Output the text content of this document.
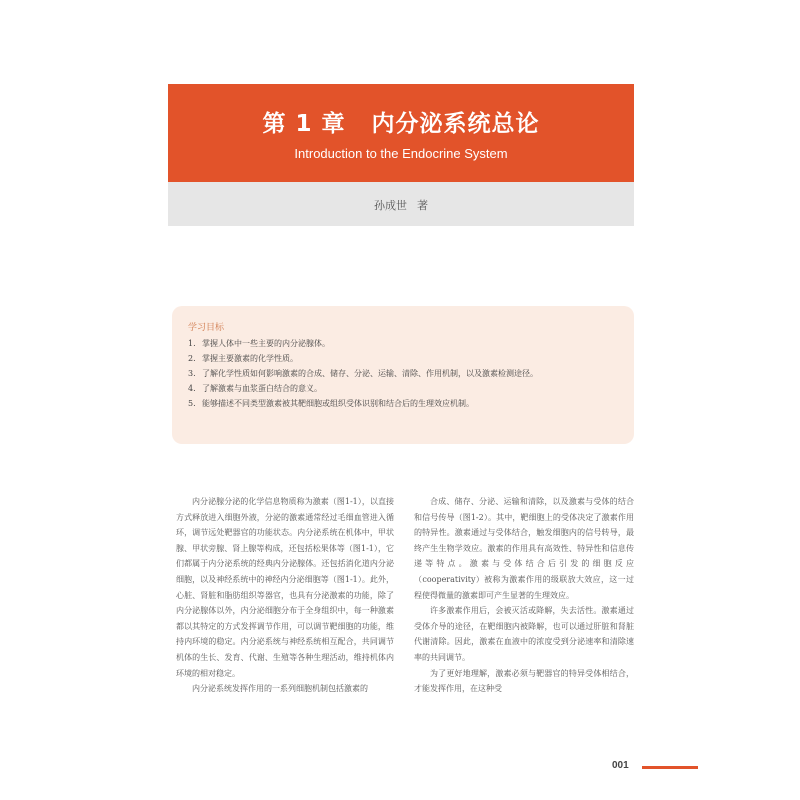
第 1 章 内分泌系统总论
Introduction to the Endocrine System
孙成世 著
学习目标
1. 掌握人体中一些主要的内分泌腺体。
2. 掌握主要激素的化学性质。
3. 了解化学性质如何影响激素的合成、储存、分泌、运输、清除、作用机制，以及激素检测途径。
4. 了解激素与血浆蛋白结合的意义。
5. 能够描述不同类型激素被其靶细胞或组织受体识别和结合后的生理效应机制。

内分泌腺分泌的化学信息物质称为激素（图1-1），以直接方式释放进入细胞外液，分泌的激素通常经过毛细血管进入循环，调节远处靶器官的功能状态。内分泌系统在机体中，甲状腺、甲状旁腺、肾上腺等构成，还包括松果体等（图1-1），它们都属于内分泌系统的经典内分泌腺体。还包括消化道内分泌细胞，以及神经系统中的神经内分泌细胞等（图1-1）。此外，心脏、肾脏和脂肪组织等器官，也具有分泌激素的功能，除了内分泌腺体以外，内分泌细胞分布于全身组织中，每一种激素都以其特定的方式发挥调节作用，可以调节靶细胞的功能，维持内环境的稳定。内分泌系统与神经系统相互配合，共同调节机体的生长、发育、代谢、生殖等各种生理活动，维持机体内环境的相对稳定。

内分泌系统发挥作用的一系列细胞机制包括激素的

合成、储存、分泌、运输和清除，以及激素与受体的结合和信号传导（图1-2）。其中，靶细胞上的受体决定了激素作用的特异性。激素通过与受体结合，触发细胞内的信号转导，最终产生生物学效应。激素的作用具有高效性、特异性和信息传递等特点。激素与受体结合后引发的细胞反应（cooperativity）被称为激素作用的级联放大效应，这一过程使得微量的激素即可产生显著的生理效应。

许多激素作用后，会被灭活或降解，失去活性。激素通过受体介导的途径，在靶细胞内被降解，也可以通过肝脏和肾脏代谢清除。因此，激素在血液中的浓度受到分泌速率和清除速率的共同调节。

为了更好地理解，激素必须与靶器官的特异受体相结合，才能发挥作用，在这种受

001
